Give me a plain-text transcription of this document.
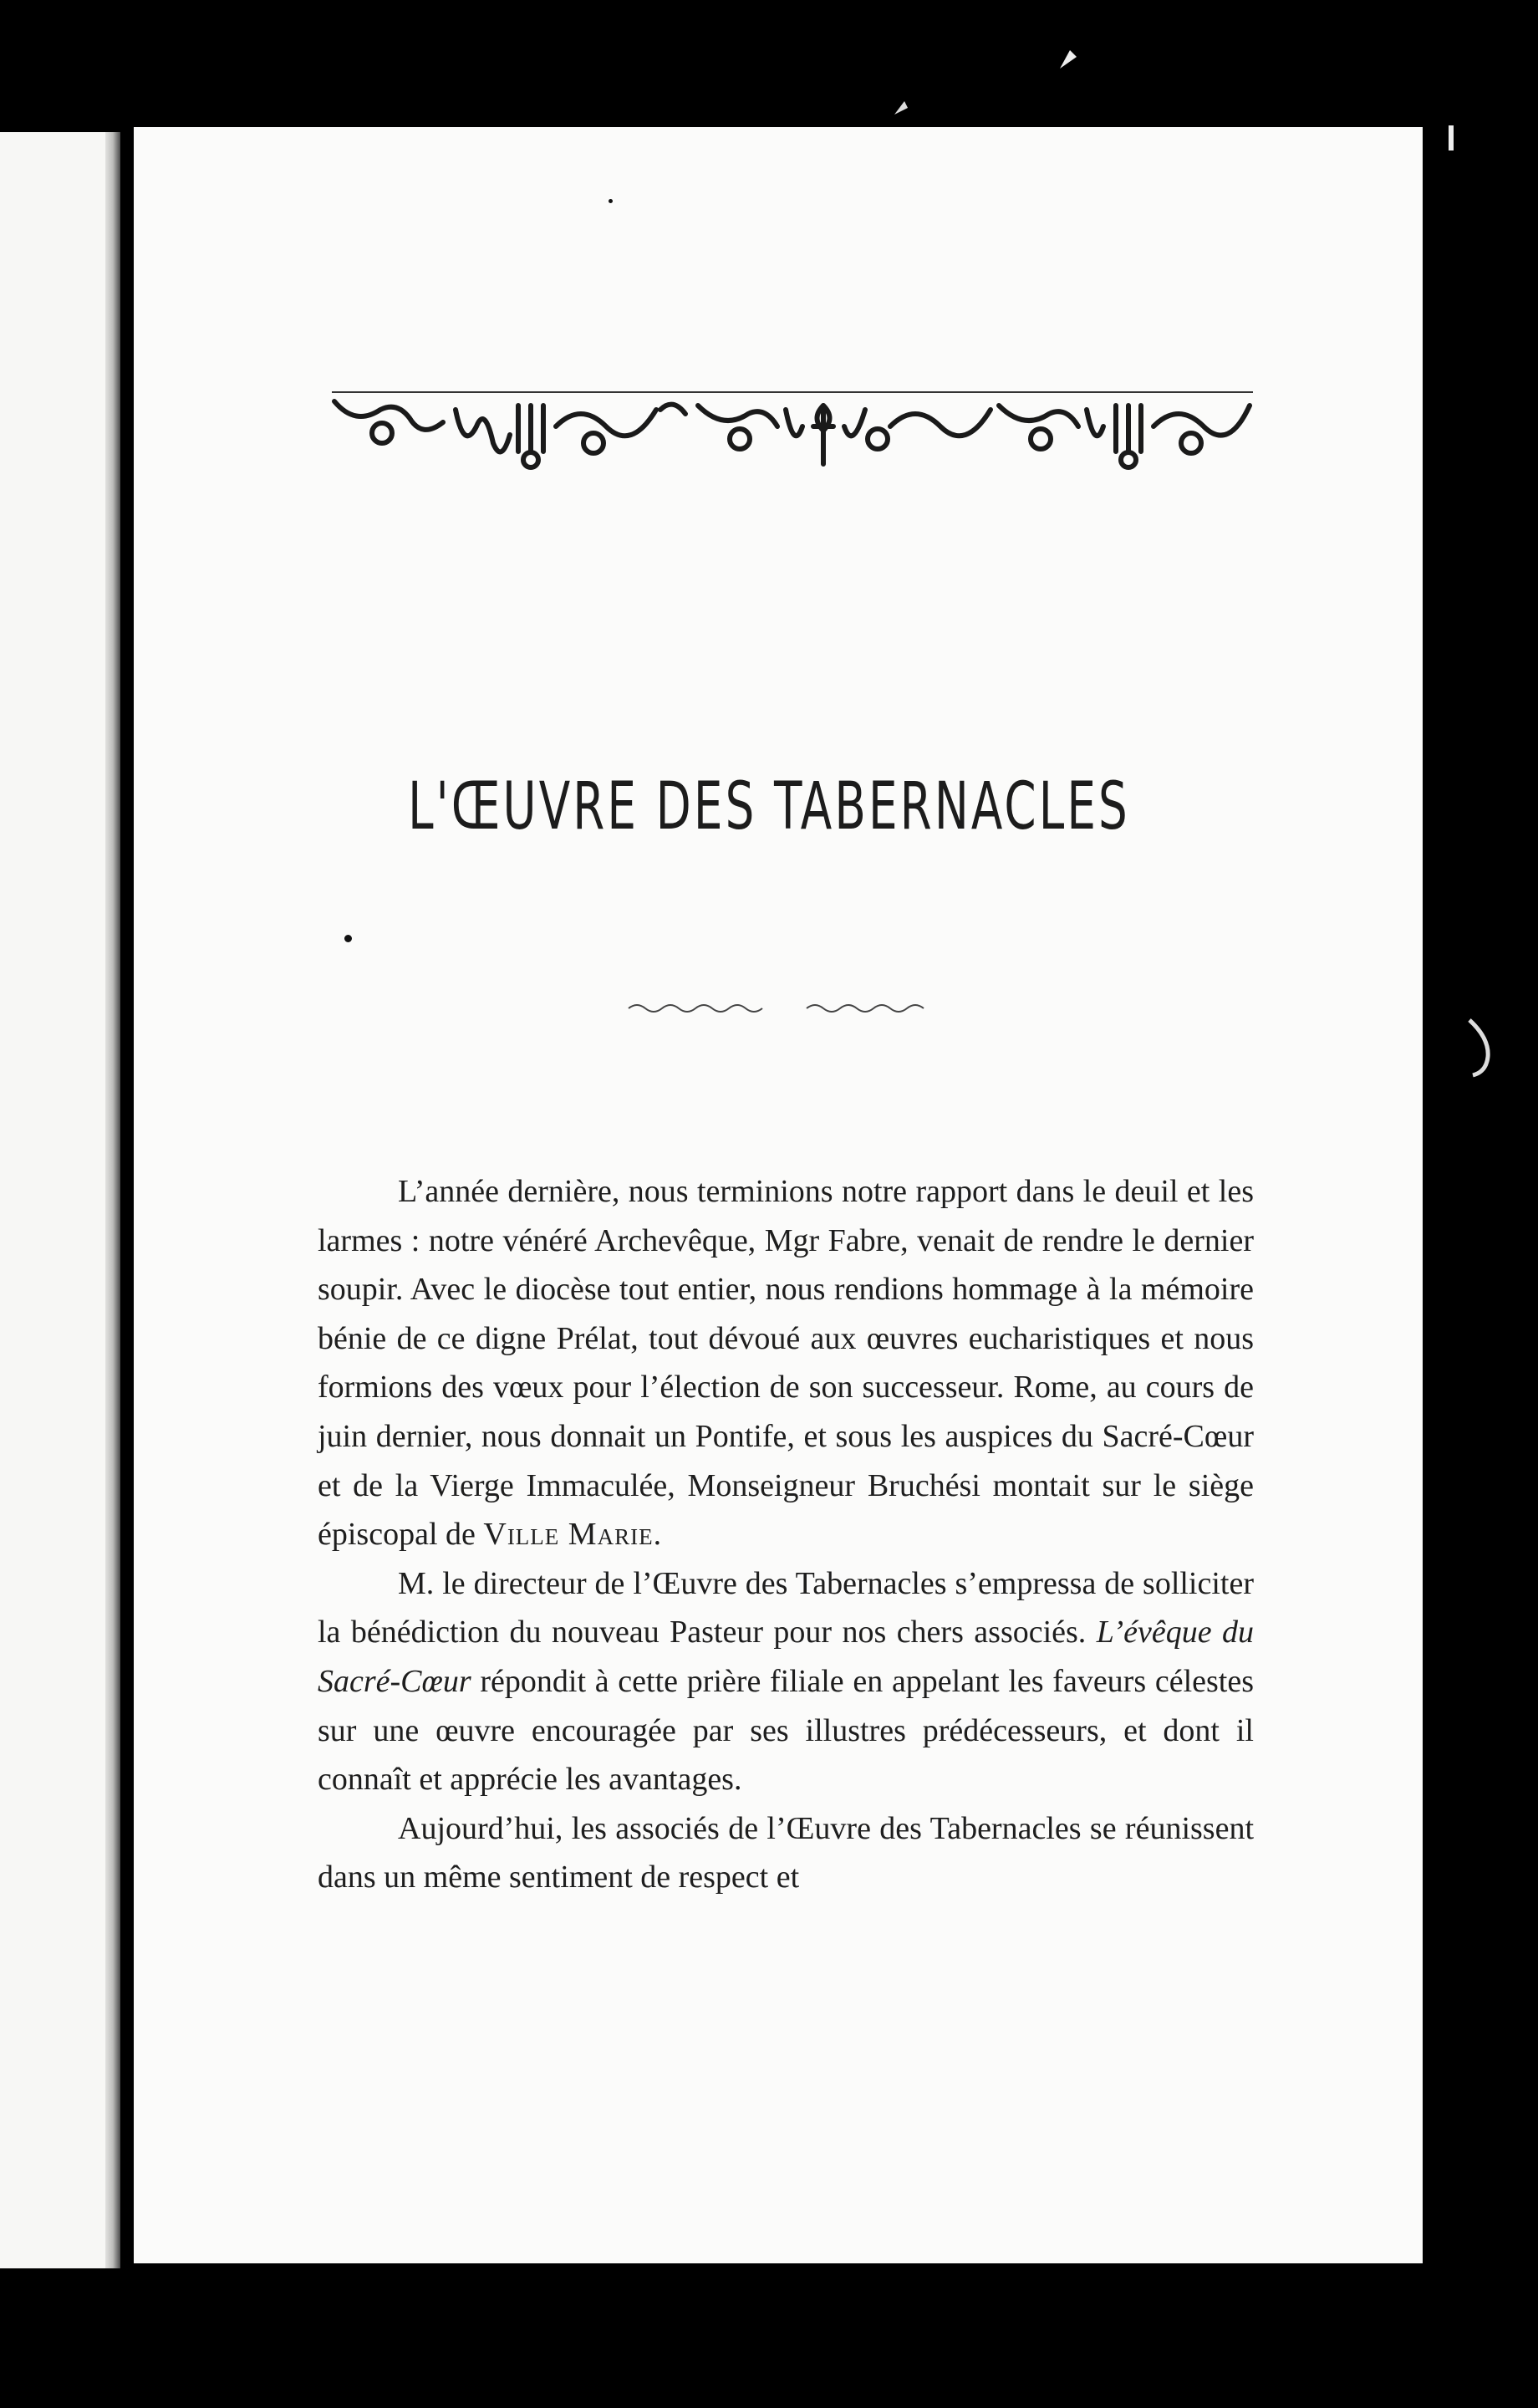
L'ŒUVRE DES TABERNACLES

L’année dernière, nous terminions notre rapport dans le deuil et les larmes : notre vénéré Archevêque, Mgr Fabre, venait de rendre le dernier soupir. Avec le diocèse tout entier, nous rendions hommage à la mémoire bénie de ce digne Prélat, tout dévoué aux œuvres eucharistiques et nous formions des vœux pour l’élection de son successeur. Rome, au cours de juin dernier, nous donnait un Pontife, et sous les auspices du Sacré-Cœur et de la Vierge Immaculée, Monseigneur Bruchési montait sur le siège épiscopal de Ville Marie.

M. le directeur de l’Œuvre des Tabernacles s’empressa de solliciter la bénédiction du nouveau Pasteur pour nos chers associés. L’évêque du Sacré-Cœur répondit à cette prière filiale en appelant les faveurs célestes sur une œuvre encouragée par ses illustres prédécesseurs, et dont il connaît et apprécie les avantages.

Aujourd’hui, les associés de l’Œuvre des Tabernacles se réunissent dans un même sentiment de respect et
